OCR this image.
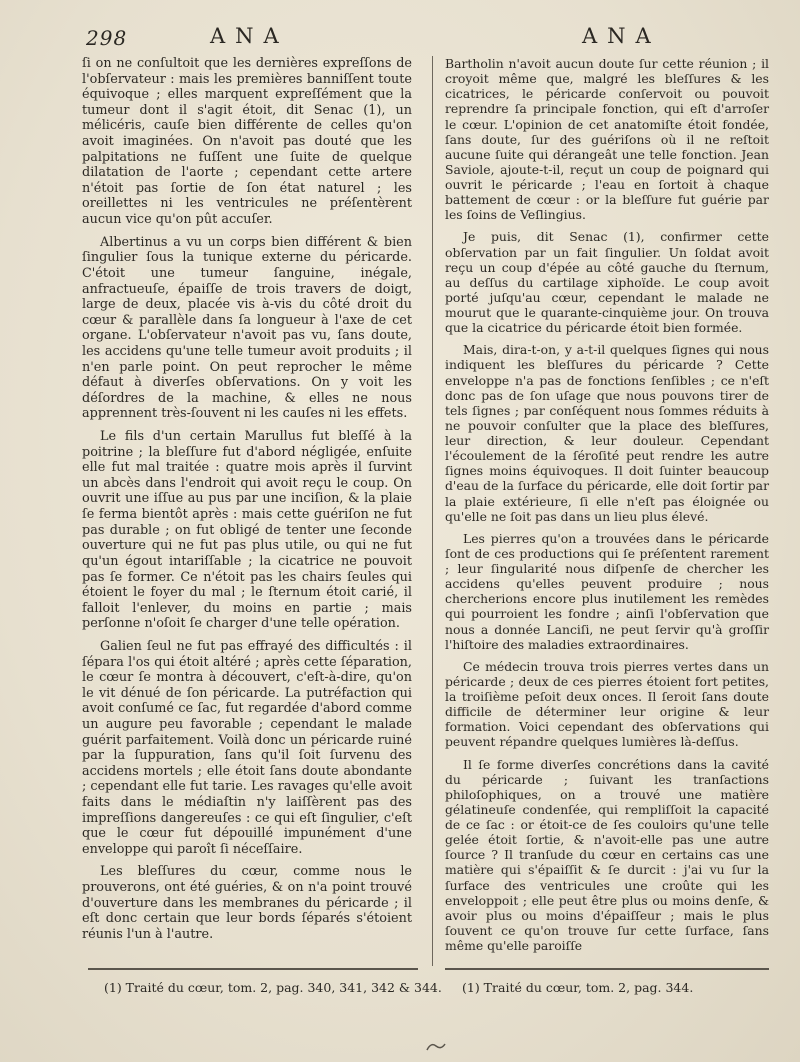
298	ANA	ANA

ſi on ne conſultoit que les dernières expreſſons de l'obſervateur : mais les premières banniſſent toute équivoque ; elles marquent expreſſément que la tumeur dont il s'agit étoit, dit Senac (1), un mélicéris, cauſe bien différente de celles qu'on avoit imaginées. On n'avoit pas douté que les palpitations ne fuſſent une ſuite de quelque dilatation de l'aorte ; cependant cette artere n'étoit pas ſortie de ſon état naturel ; les oreillettes ni les ventricules ne préſentèrent aucun vice qu'on pût accuſer.

Albertinus a vu un corps bien différent & bien ſingulier ſous la tunique externe du péricarde. C'étoit une tumeur ſanguine, inégale, anfractueuſe, épaiſſe de trois travers de doigt, large de deux, placée vis à-vis du côté droit du cœur & parallèle dans ſa longueur à l'axe de cet organe. L'obſervateur n'avoit pas vu, ſans doute, les accidens qu'une telle tumeur avoit produits ; il n'en parle point. On peut reprocher le même défaut à diverſes obſervations. On y voit les déſordres de la machine, & elles ne nous apprennent très-ſouvent ni les cauſes ni les effets.

Le fils d'un certain Marullus fut bleſſé à la poitrine ; la bleſſure fut d'abord négligée, enſuite elle fut mal traitée : quatre mois après il ſurvint un abcès dans l'endroit qui avoit reçu le coup. On ouvrit une iſſue au pus par une inciſion, & la plaie ſe ferma bientôt après : mais cette guériſon ne fut pas durable ; on fut obligé de tenter une ſeconde ouverture qui ne fut pas plus utile, ou qui ne fut qu'un égout intariſſable ; la cicatrice ne pouvoit pas ſe former. Ce n'étoit pas les chairs ſeules qui étoient le foyer du mal ; le ſternum étoit carié, il falloit l'enlever, du moins en partie ; mais perſonne n'oſoit ſe charger d'une telle opération.

Galien ſeul ne fut pas effrayé des difficultés : il ſépara l'os qui étoit altéré ; après cette ſéparation, le cœur ſe montra à découvert, c'eſt-à-dire, qu'on le vit dénué de ſon péricarde. La putréfaction qui avoit conſumé ce ſac, fut regardée d'abord comme un augure peu favorable ; cependant le malade guérit parfaitement. Voilà donc un péricarde ruiné par la ſuppuration, ſans qu'il ſoit ſurvenu des accidens mortels ; elle étoit ſans doute abondante ; cependant elle fut tarie. Les ravages qu'elle avoit faits dans le médiaſtin n'y laiſſèrent pas des impreſſions dangereuſes : ce qui eſt ſingulier, c'eſt que le cœur fut dépouillé impunément d'une enveloppe qui paroît ſi néceſſaire.

Les bleſſures du cœur, comme nous le prouverons, ont été guéries, & on n'a point trouvé d'ouverture dans les membranes du péricarde ; il eſt donc certain que leur bords ſéparés s'étoient réunis l'un à l'autre.

Bartholin n'avoit aucun doute ſur cette réunion ; il croyoit même que, malgré les bleſſures & les cicatrices, le péricarde conſervoit ou pouvoit reprendre ſa principale fonction, qui eſt d'arroſer le cœur. L'opinion de cet anatomiſte étoit fondée, ſans doute, ſur des guériſons où il ne reſtoit aucune ſuite qui dérangeât une telle fonction. Jean Saviole, ajoute-t-il, reçut un coup de poignard qui ouvrit le péricarde ; l'eau en ſortoit à chaque battement de cœur : or la bleſſure fut guérie par les ſoins de Veſlingius.

Je puis, dit Senac (1), confirmer cette obſervation par un fait ſingulier. Un ſoldat avoit reçu un coup d'épée au côté gauche du ſternum, au deſſus du cartilage xiphoïde. Le coup avoit porté juſqu'au cœur, cependant le malade ne mourut que le quarante-cinquième jour. On trouva que la cicatrice du péricarde étoit bien formée.

Mais, dira-t-on, y a-t-il quelques ſignes qui nous indiquent les bleſſures du péricarde ? Cette enveloppe n'a pas de fonctions ſenſibles ; ce n'eſt donc pas de ſon uſage que nous pouvons tirer de tels ſignes ; par conſéquent nous ſommes réduits à ne pouvoir conſulter que la place des bleſſures, leur direction, & leur douleur. Cependant l'écoulement de la ſéroſité peut rendre les autre ſignes moins équivoques. Il doit ſuinter beaucoup d'eau de la ſurface du péricarde, elle doit ſortir par la plaie extérieure, ſi elle n'eſt pas éloignée ou qu'elle ne ſoit pas dans un lieu plus élevé.

Les pierres qu'on a trouvées dans le péricarde ſont de ces productions qui ſe préſentent rarement ; leur ſingularité nous diſpenſe de chercher les accidens qu'elles peuvent produire ; nous chercherions encore plus inutilement les remèdes qui pourroient les fondre ; ainſi l'obſervation que nous a donnée Lanciſi, ne peut ſervir qu'à groſſir l'hiſtoire des maladies extraordinaires.

Ce médecin trouva trois pierres vertes dans un péricarde ; deux de ces pierres étoient fort petites, la troiſième peſoit deux onces. Il ſeroit ſans doute difficile de déterminer leur origine & leur formation. Voici cependant des obſervations qui peuvent répandre quelques lumières là-deſſus.

Il ſe forme diverſes concrétions dans la cavité du péricarde ; ſuivant les tranſactions philoſophiques, on a trouvé une matière gélatineuſe condenſée, qui rempliſſoit la capacité de ce ſac : or étoit-ce de ſes couloirs qu'une telle gelée étoit ſortie, & n'avoit-elle pas une autre ſource ? Il tranſude du cœur en certains cas une matière qui s'épaiſſit & ſe durcit : j'ai vu ſur la ſurface des ventricules une croûte qui les enveloppoit ; elle peut être plus ou moins denſe, & avoir plus ou moins d'épaiſſeur ; mais le plus ſouvent ce qu'on trouve ſur cette ſurface, ſans même qu'elle paroiſſe

(1) Traité du cœur, tom. 2, pag. 340, 341, 342 & 344. (1) Traité du cœur, tom. 2, pag. 344.
